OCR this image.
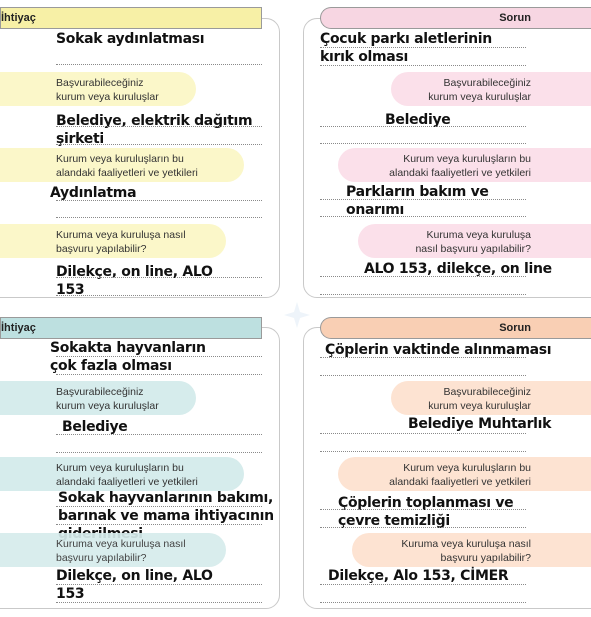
İhtiyaç
Sokak aydınlatması
Başvurabileceğiniz
kurum veya kuruluşlar
Belediye, elektrik dağıtım
şirketi
Kurum veya kuruluşların bu
alandaki faaliyetleri ve yetkileri
Aydınlatma
Kuruma veya kuruluşa nasıl
başvuru yapılabilir?
Dilekçe, on line, ALO
153
Sorun
Çocuk parkı aletlerinin
kırık olması
Başvurabileceğiniz
kurum veya kuruluşlar
Belediye
Kurum veya kuruluşların bu
alandaki faaliyetleri ve yetkileri
Parkların bakım ve
onarımı
Kuruma veya kuruluşa
nasıl başvuru yapılabilir?
ALO 153, dilekçe, on line
İhtiyaç
Sokakta hayvanların
çok fazla olması
Başvurabileceğiniz
kurum veya kuruluşlar
Belediye
Kurum veya kuruluşların bu
alandaki faaliyetleri ve yetkileri
Sokak hayvanlarının bakımı,
barınak ve mama ihtiyacının

Kuruma veya kuruluşa nasıl
başvuru yapılabilir?
Dilekçe, on line, ALO
153
Sorun
Çöplerin vaktinde alınmaması
Başvurabileceğiniz
kurum veya kuruluşlar
Belediye Muhtarlık
Kurum veya kuruluşların bu
alandaki faaliyetleri ve yetkileri
Çöplerin toplanması ve
çevre temizliği
Kuruma veya kuruluşa nasıl
başvuru yapılabilir?
Dilekçe, Alo 153, CİMER
